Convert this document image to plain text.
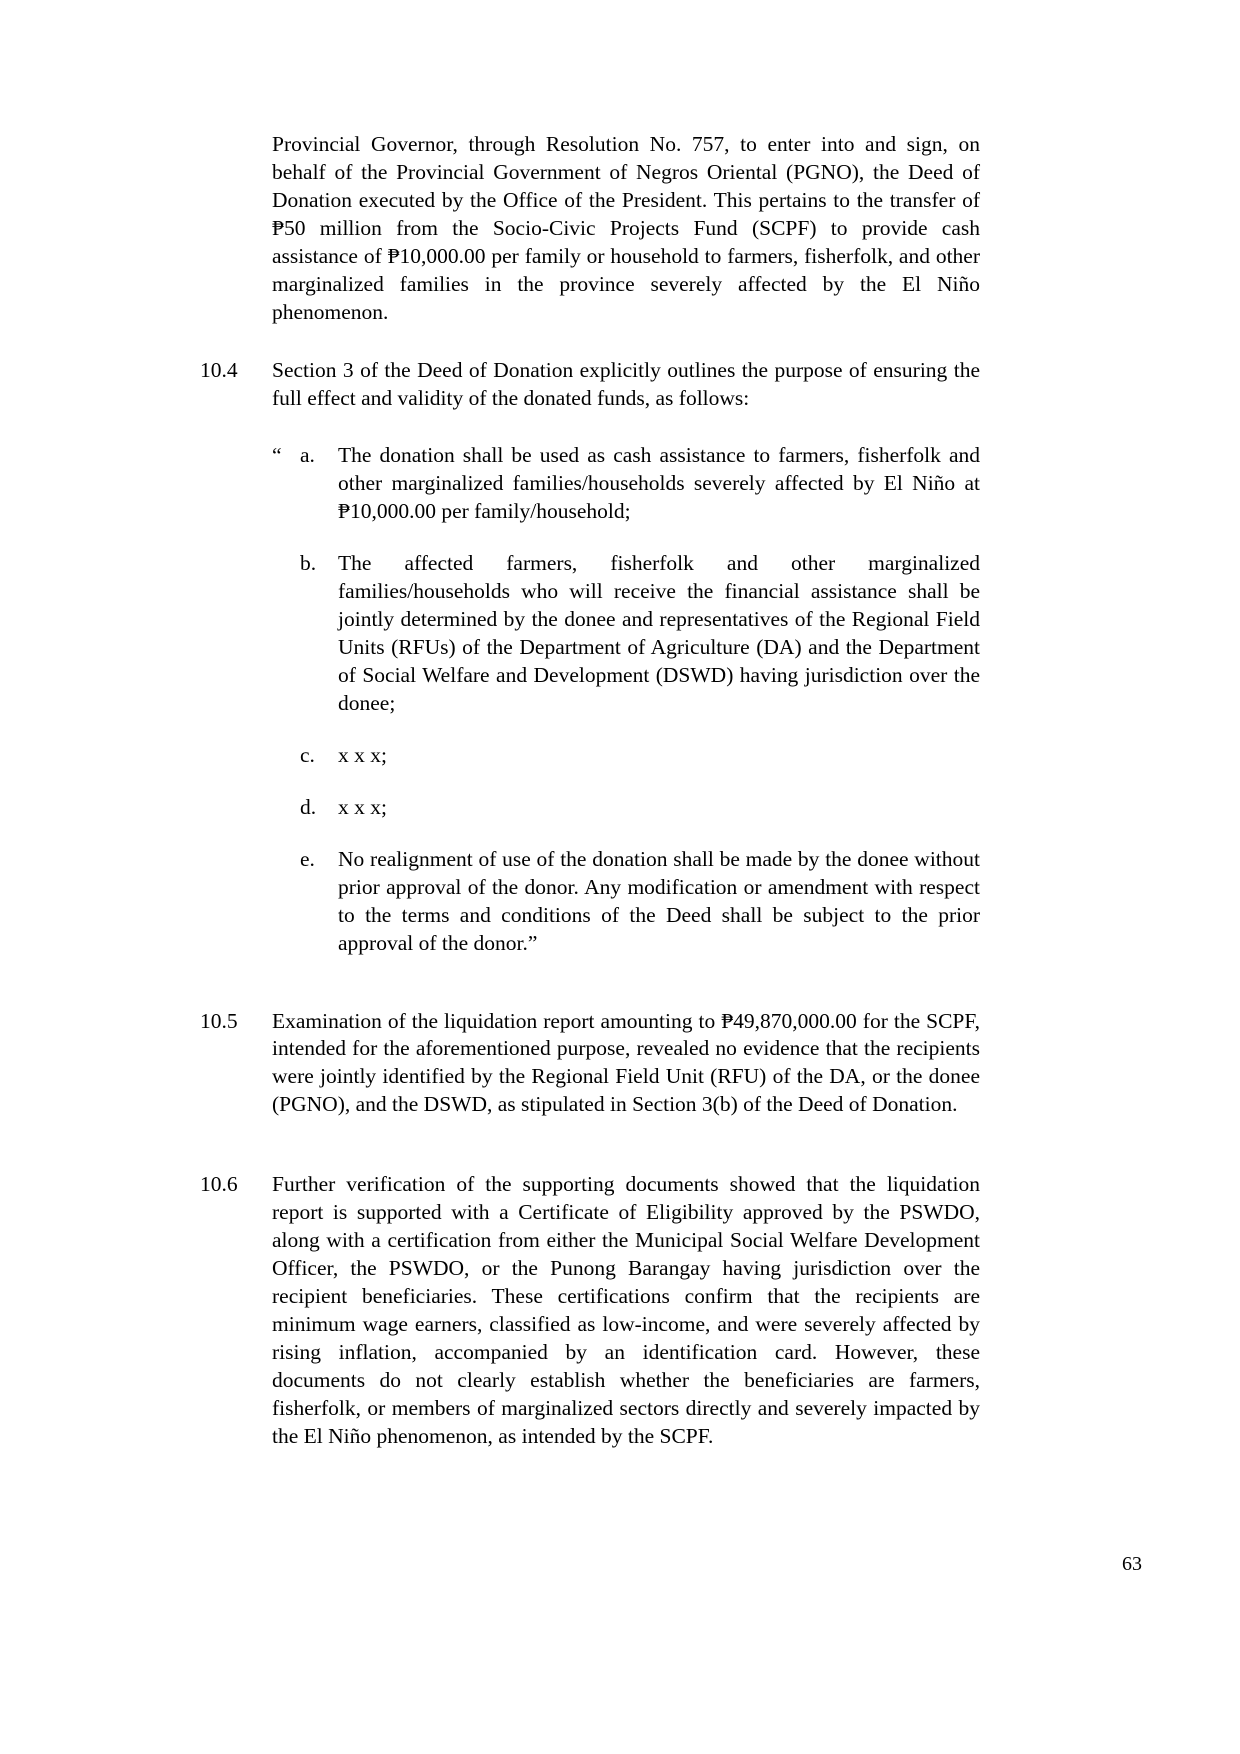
Provincial Governor, through Resolution No. 757, to enter into and sign, on behalf of the Provincial Government of Negros Oriental (PGNO), the Deed of Donation executed by the Office of the President. This pertains to the transfer of ₱50 million from the Socio-Civic Projects Fund (SCPF) to provide cash assistance of ₱10,000.00 per family or household to farmers, fisherfolk, and other marginalized families in the province severely affected by the El Niño phenomenon.

10.4	Section 3 of the Deed of Donation explicitly outlines the purpose of ensuring the full effect and validity of the donated funds, as follows:
“ a.	The donation shall be used as cash assistance to farmers, fisherfolk and other marginalized families/households severely affected by El Niño at ₱10,000.00 per family/household;
b.	The affected farmers, fisherfolk and other marginalized families/households who will receive the financial assistance shall be jointly determined by the donee and representatives of the Regional Field Units (RFUs) of the Department of Agriculture (DA) and the Department of Social Welfare and Development (DSWD) having jurisdiction over the donee;
c.	x x x;
d.	x x x;
e.	No realignment of use of the donation shall be made by the donee without prior approval of the donor. Any modification or amendment with respect to the terms and conditions of the Deed shall be subject to the prior approval of the donor.”
10.5	Examination of the liquidation report amounting to ₱49,870,000.00 for the SCPF, intended for the aforementioned purpose, revealed no evidence that the recipients were jointly identified by the Regional Field Unit (RFU) of the DA, or the donee (PGNO), and the DSWD, as stipulated in Section 3(b) of the Deed of Donation.
10.6	Further verification of the supporting documents showed that the liquidation report is supported with a Certificate of Eligibility approved by the PSWDO, along with a certification from either the Municipal Social Welfare Development Officer, the PSWDO, or the Punong Barangay having jurisdiction over the recipient beneficiaries. These certifications confirm that the recipients are minimum wage earners, classified as low-income, and were severely affected by rising inflation, accompanied by an identification card. However, these documents do not clearly establish whether the beneficiaries are farmers, fisherfolk, or members of marginalized sectors directly and severely impacted by the El Niño phenomenon, as intended by the SCPF.
63
